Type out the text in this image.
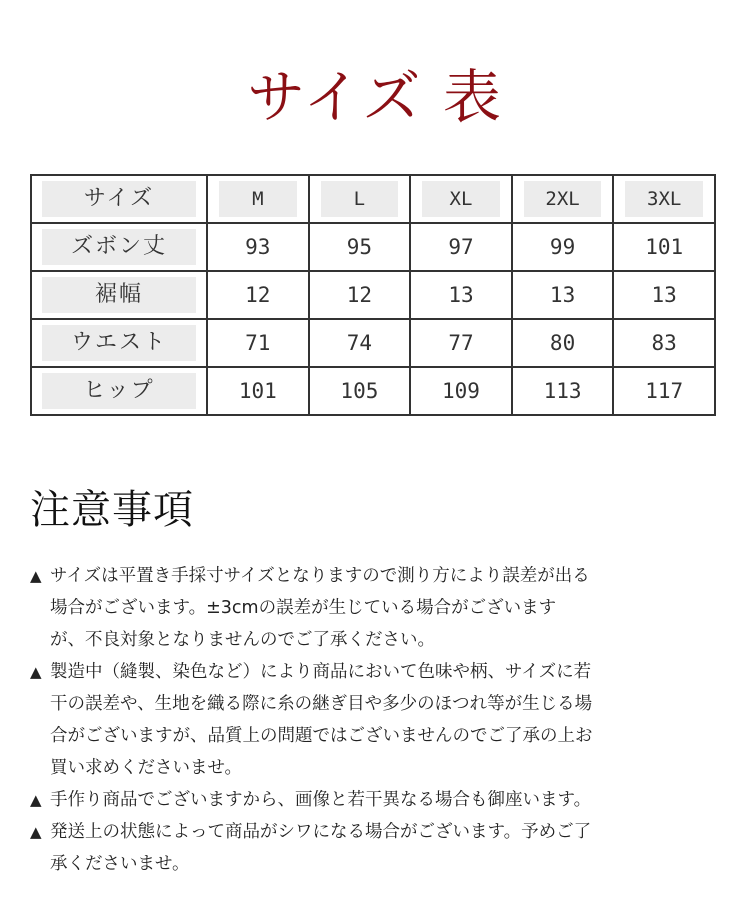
サイズ 表
サイズ	M	L	XL	2XL	3XL

ズボン丈	93	95	97	99	101

裾幅	12	12	13	13	13

ウエスト	71	74	77	80	83

ヒップ	101	105	109	113	117
注意事項
▲ サイズは平置き手採寸サイズとなりますので測り方により誤差が出る
場合がございます。±3cmの誤差が生じている場合がございます
が、不良対象となりませんのでご了承ください。
▲ 製造中（縫製、染色など）により商品において色味や柄、サイズに若
干の誤差や、生地を織る際に糸の継ぎ目や多少のほつれ等が生じる場
合がございますが、品質上の問題ではございませんのでご了承の上お
買い求めくださいませ。
▲ 手作り商品でございますから、画像と若干異なる場合も御座います。
▲ 発送上の状態によって商品がシワになる場合がございます。予めご了
承くださいませ。
